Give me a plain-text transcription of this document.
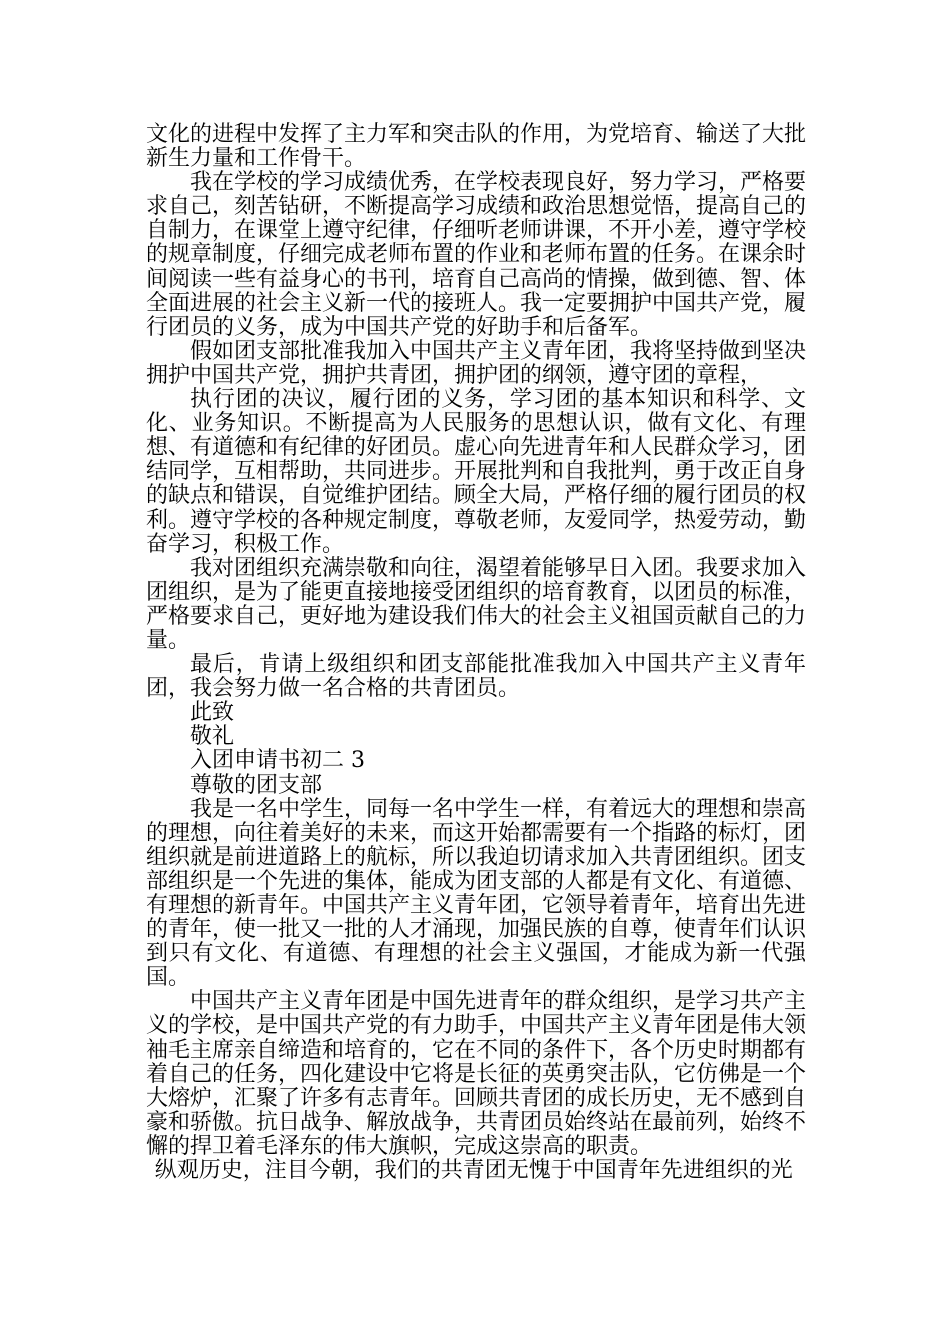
文化的进程中发挥了主力军和突击队的作用，为党培育、输送了大批新生力量和工作骨干。

我在学校的学习成绩优秀，在学校表现良好，努力学习，严格要求自己，刻苦钻研，不断提高学习成绩和政治思想觉悟，提高自己的自制力，在课堂上遵守纪律，仔细听老师讲课，不开小差，遵守学校的规章制度，仔细完成老师布置的作业和老师布置的任务。在课余时间阅读一些有益身心的书刊，培育自己高尚的情操，做到德、智、体全面进展的社会主义新一代的接班人。我一定要拥护中国共产党，履行团员的义务，成为中国共产党的好助手和后备军。

假如团支部批准我加入中国共产主义青年团，我将坚持做到坚决拥护中国共产党，拥护共青团，拥护团的纲领，遵守团的章程，

执行团的决议，履行团的义务，学习团的基本知识和科学、文化、业务知识。不断提高为人民服务的思想认识，做有文化、有理想、有道德和有纪律的好团员。虚心向先进青年和人民群众学习，团结同学，互相帮助，共同进步。开展批判和自我批判，勇于改正自身的缺点和错误，自觉维护团结。顾全大局，严格仔细的履行团员的权利。遵守学校的各种规定制度，尊敬老师，友爱同学，热爱劳动，勤奋学习，积极工作。

我对团组织充满崇敬和向往，渴望着能够早日入团。我要求加入团组织，是为了能更直接地接受团组织的培育教育，以团员的标准，严格要求自己，更好地为建设我们伟大的社会主义祖国贡献自己的力量。

最后，肯请上级组织和团支部能批准我加入中国共产主义青年团，我会努力做一名合格的共青团员。

此致

敬礼

入团申请书初二 3

尊敬的团支部

我是一名中学生，同每一名中学生一样，有着远大的理想和崇高的理想，向往着美好的未来，而这开始都需要有一个指路的标灯，团组织就是前进道路上的航标，所以我迫切请求加入共青团组织。团支部组织是一个先进的集体，能成为团支部的人都是有文化、有道德、有理想的新青年。中国共产主义青年团，它领导着青年，培育出先进的青年，使一批又一批的人才涌现，加强民族的自尊，使青年们认识到只有文化、有道德、有理想的社会主义强国，才能成为新一代强国。

中国共产主义青年团是中国先进青年的群众组织，是学习共产主义的学校，是中国共产党的有力助手，中国共产主义青年团是伟大领袖毛主席亲自缔造和培育的，它在不同的条件下，各个历史时期都有着自己的任务，四化建设中它将是长征的英勇突击队，它仿佛是一个大熔炉，汇聚了许多有志青年。回顾共青团的成长历史，无不感到自豪和骄傲。抗日战争、解放战争，共青团员始终站在最前列，始终不懈的捍卫着毛泽东的伟大旗帜，完成这崇高的职责。

纵观历史，注目今朝，我们的共青团无愧于中国青年先进组织的光
